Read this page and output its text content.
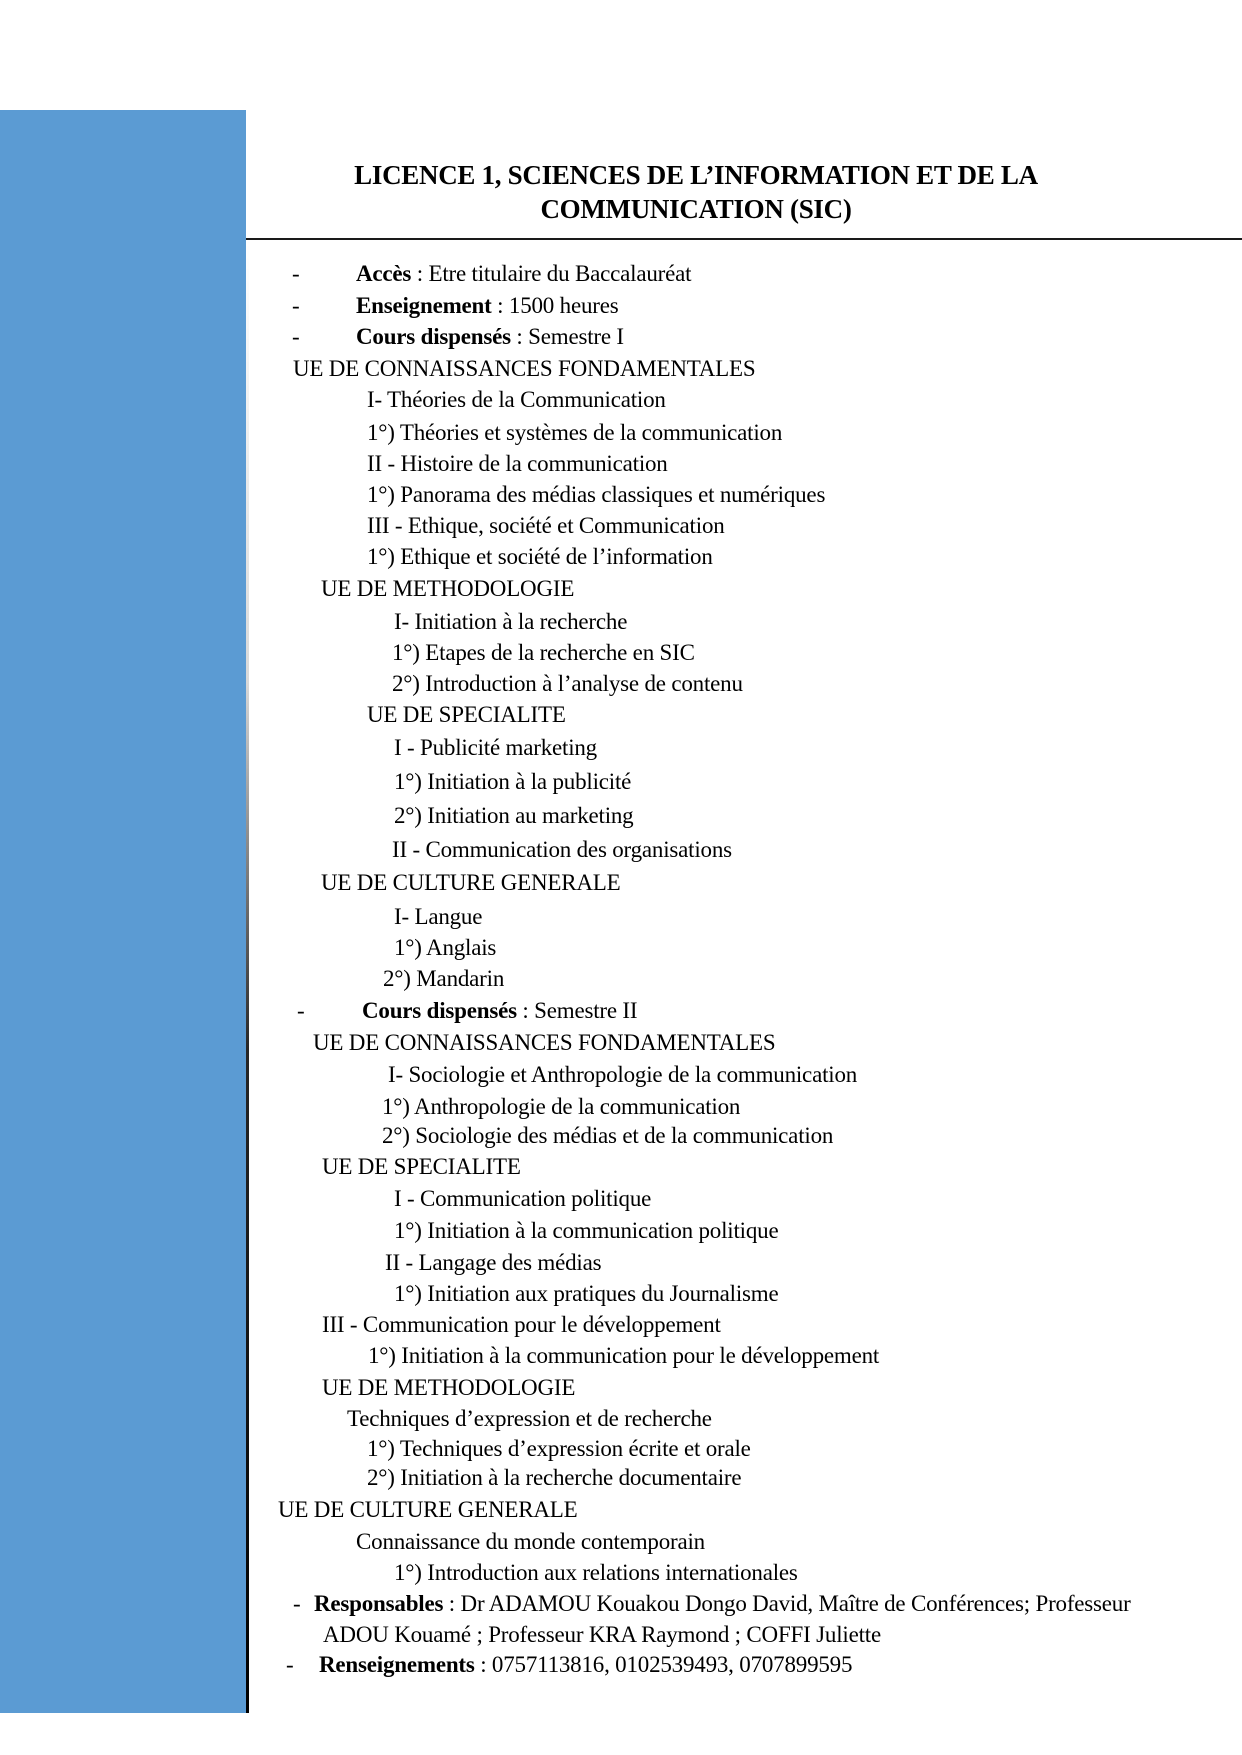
LICENCE 1, SCIENCES DE L’INFORMATION ET DE LA
COMMUNICATION (SIC)
- Accès : Etre titulaire du Baccalauréat
- Enseignement : 1500 heures
- Cours dispensés : Semestre I
UE DE CONNAISSANCES FONDAMENTALES
I- Théories de la Communication
1°) Théories et systèmes de la communication
II - Histoire de la communication
1°) Panorama des médias classiques et numériques
III - Ethique, société et Communication
1°) Ethique et société de l’information
UE DE METHODOLOGIE
I- Initiation à la recherche
1°) Etapes de la recherche en SIC
2°) Introduction à l’analyse de contenu
UE DE SPECIALITE
I - Publicité marketing
1°) Initiation à la publicité
2°) Initiation au marketing
II - Communication des organisations
UE DE CULTURE GENERALE
I- Langue
1°) Anglais
2°) Mandarin
-	Cours dispensés : Semestre II
UE DE CONNAISSANCES FONDAMENTALES
I- Sociologie et Anthropologie de la communication
1°) Anthropologie de la communication
2°) Sociologie des médias et de la communication
UE DE SPECIALITE
I - Communication politique
1°) Initiation à la communication politique
II - Langage des médias
1°) Initiation aux pratiques du Journalisme
III - Communication pour le développement
1°) Initiation à la communication pour le développement
UE DE METHODOLOGIE
Techniques d’expression et de recherche
1°) Techniques d’expression écrite et orale
2°) Initiation à la recherche documentaire
UE DE CULTURE GENERALE
Connaissance du monde contemporain
1°) Introduction aux relations internationales
- Responsables : Dr ADAMOU Kouakou Dongo David, Maître de Conférences; Professeur
ADOU Kouamé ; Professeur KRA Raymond ; COFFI Juliette
- Renseignements : 0757113816, 0102539493, 0707899595
